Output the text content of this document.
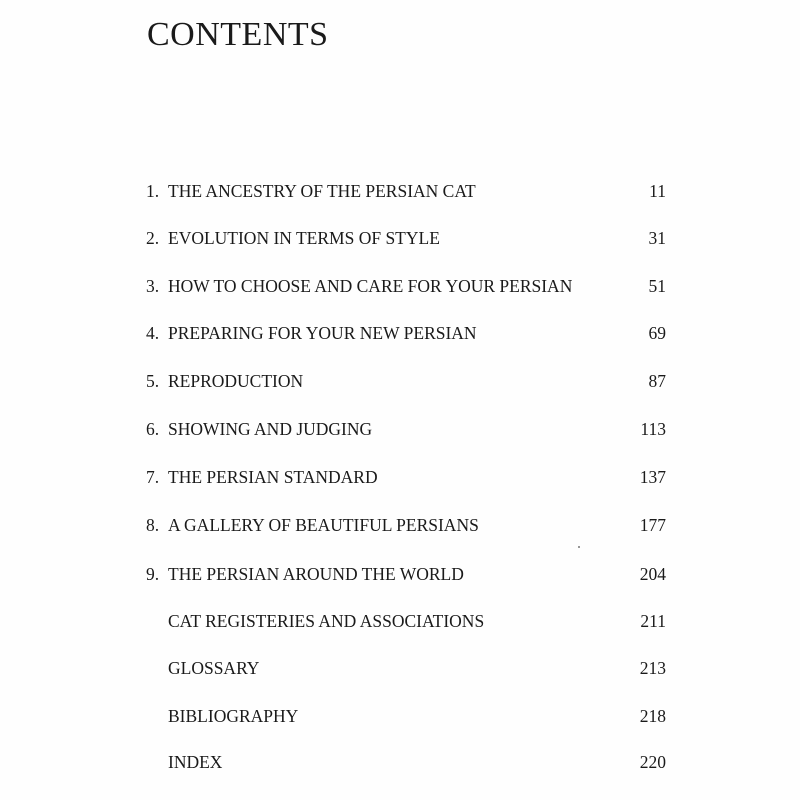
CONTENTS
1. THE ANCESTRY OF THE PERSIAN CAT	11
2. EVOLUTION IN TERMS OF STYLE	31
3. HOW TO CHOOSE AND CARE FOR YOUR PERSIAN	51
4. PREPARING FOR YOUR NEW PERSIAN	69
5. REPRODUCTION	87
6. SHOWING AND JUDGING	113
7. THE PERSIAN STANDARD	137
8. A GALLERY OF BEAUTIFUL PERSIANS	177
9. THE PERSIAN AROUND THE WORLD	204
CAT REGISTERIES AND ASSOCIATIONS	211
GLOSSARY	213
BIBLIOGRAPHY	218
INDEX	220
